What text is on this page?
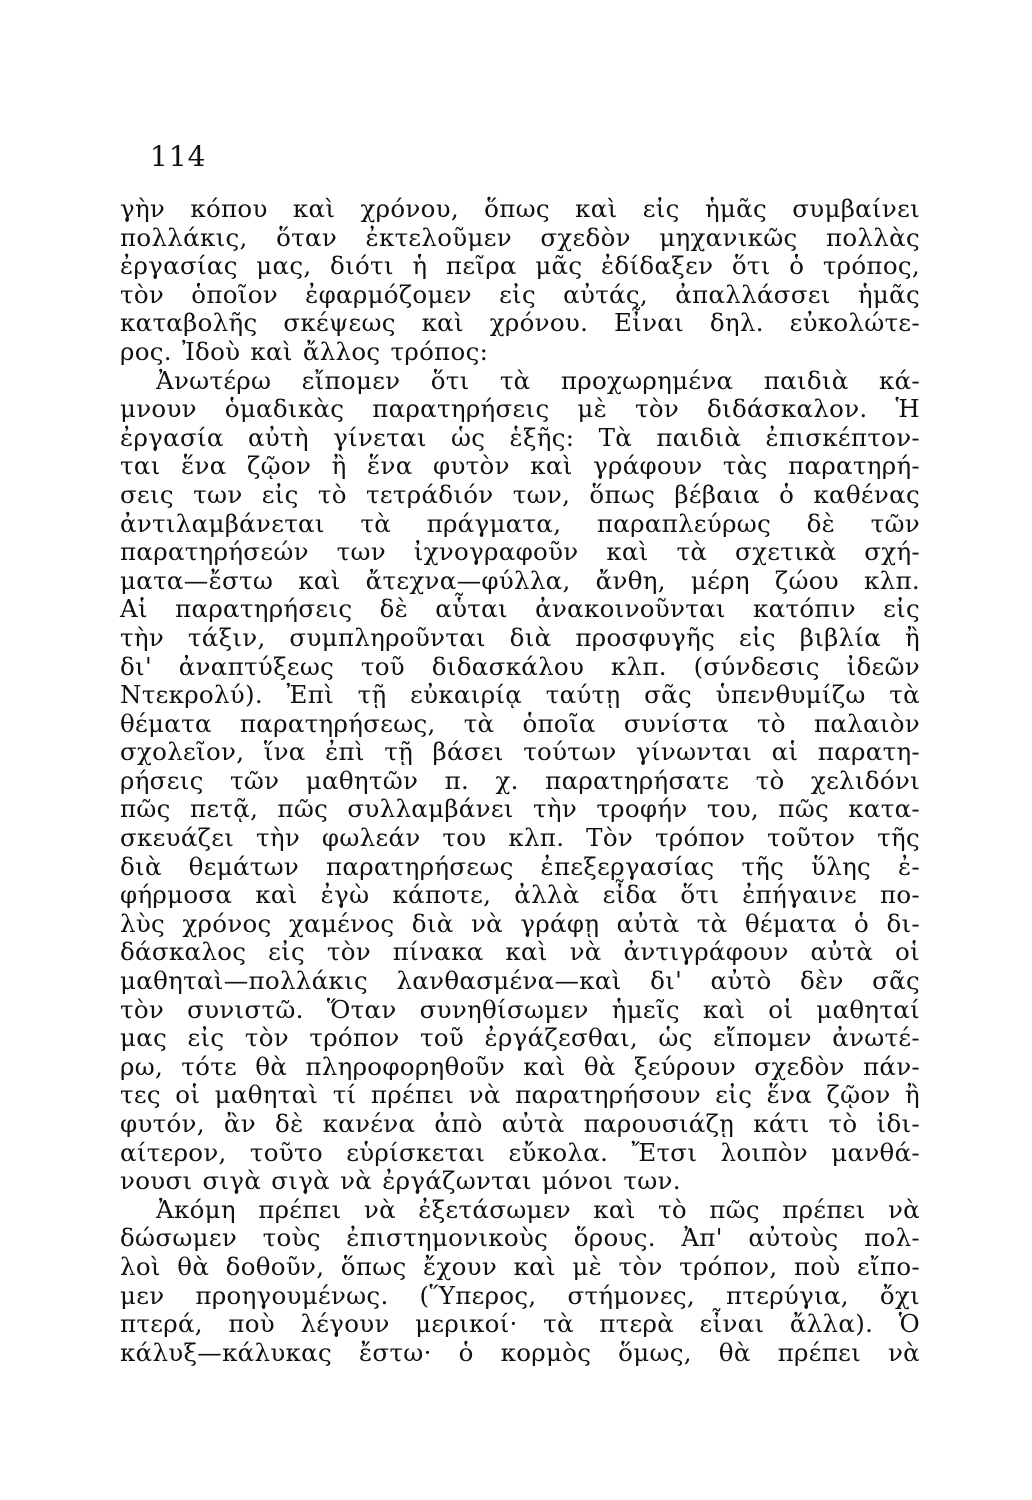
114
γὴν κόπου καὶ χρόνου, ὅπως καὶ εἰς ἡμᾶς συμβαίνει
πολλάκις, ὅταν ἐκτελοῦμεν σχεδὸν μηχανικῶς πολλὰς
ἐργασίας μας, διότι ἡ πεῖρα μᾶς ἐδίδαξεν ὅτι ὁ τρόπος,
τὸν ὁποῖον ἐφαρμόζομεν εἰς αὐτάς, ἀπαλλάσσει ἡμᾶς
καταβολῆς σκέψεως καὶ χρόνου. Εἶναι δηλ. εὐκολώτε-
ρος. Ἰδοὺ καὶ ἄλλος τρόπος:
Ἀνωτέρω εἴπομεν ὅτι τὰ προχωρημένα παιδιὰ κά-
μνουν ὁμαδικὰς παρατηρήσεις μὲ τὸν διδάσκαλον. Ἡ
ἐργασία αὐτὴ γίνεται ὡς ἑξῆς: Τὰ παιδιὰ ἐπισκέπτον-
ται ἕνα ζῷον ἢ ἕνα φυτὸν καὶ γράφουν τὰς παρατηρή-
σεις των εἰς τὸ τετράδιόν των, ὅπως βέβαια ὁ καθένας
ἀντιλαμβάνεται τὰ πράγματα, παραπλεύρως δὲ τῶν
παρατηρήσεών των ἰχνογραφοῦν καὶ τὰ σχετικὰ σχή-
ματα—ἔστω καὶ ἄτεχνα—φύλλα, ἄνθη, μέρη ζώου κλπ.
Αἱ παρατηρήσεις δὲ αὗται ἀνακοινοῦνται κατόπιν εἰς
τὴν τάξιν, συμπληροῦνται διὰ προσφυγῆς εἰς βιβλία ἢ
δι' ἀναπτύξεως τοῦ διδασκάλου κλπ. (σύνδεσις ἰδεῶν
Ντεκρολύ). Ἐπὶ τῇ εὐκαιρίᾳ ταύτῃ σᾶς ὑπενθυμίζω τὰ
θέματα παρατηρήσεως, τὰ ὁποῖα συνίστα τὸ παλαιὸν
σχολεῖον, ἵνα ἐπὶ τῇ βάσει τούτων γίνωνται αἱ παρατη-
ρήσεις τῶν μαθητῶν π. χ. παρατηρήσατε τὸ χελιδόνι
πῶς πετᾷ, πῶς συλλαμβάνει τὴν τροφήν του, πῶς κατα-
σκευάζει τὴν φωλεάν του κλπ. Τὸν τρόπον τοῦτον τῆς
διὰ θεμάτων παρατηρήσεως ἐπεξεργασίας τῆς ὕλης ἐ-
φήρμοσα καὶ ἐγὼ κάποτε, ἀλλὰ εἶδα ὅτι ἐπήγαινε πο-
λὺς χρόνος χαμένος διὰ νὰ γράφῃ αὐτὰ τὰ θέματα ὁ δι-
δάσκαλος εἰς τὸν πίνακα καὶ νὰ ἀντιγράφουν αὐτὰ οἱ
μαθηταὶ—πολλάκις λανθασμένα—καὶ δι' αὐτὸ δὲν σᾶς
τὸν συνιστῶ. Ὅταν συνηθίσωμεν ἡμεῖς καὶ οἱ μαθηταί
μας εἰς τὸν τρόπον τοῦ ἐργάζεσθαι, ὡς εἴπομεν ἀνωτέ-
ρω, τότε θὰ πληροφορηθοῦν καὶ θὰ ξεύρουν σχεδὸν πάν-
τες οἱ μαθηταὶ τί πρέπει νὰ παρατηρήσουν εἰς ἕνα ζῷον ἢ
φυτόν, ἂν δὲ κανένα ἀπὸ αὐτὰ παρουσιάζῃ κάτι τὸ ἰδι-
αίτερον, τοῦτο εὑρίσκεται εὔκολα. Ἔτσι λοιπὸν μανθά-
νουσι σιγὰ σιγὰ νὰ ἐργάζωνται μόνοι των.
Ἀκόμη πρέπει νὰ ἐξετάσωμεν καὶ τὸ πῶς πρέπει νὰ
δώσωμεν τοὺς ἐπιστημονικοὺς ὅρους. Ἀπ' αὐτοὺς πολ-
λοὶ θὰ δοθοῦν, ὅπως ἔχουν καὶ μὲ τὸν τρόπον, ποὺ εἴπο-
μεν προηγουμένως. (Ὕπερος, στήμονες, πτερύγια, ὄχι
πτερά, ποὺ λέγουν μερικοί· τὰ πτερὰ εἶναι ἄλλα). Ὁ
κάλυξ—κάλυκας ἔστω· ὁ κορμὸς ὅμως, θὰ πρέπει νὰ
